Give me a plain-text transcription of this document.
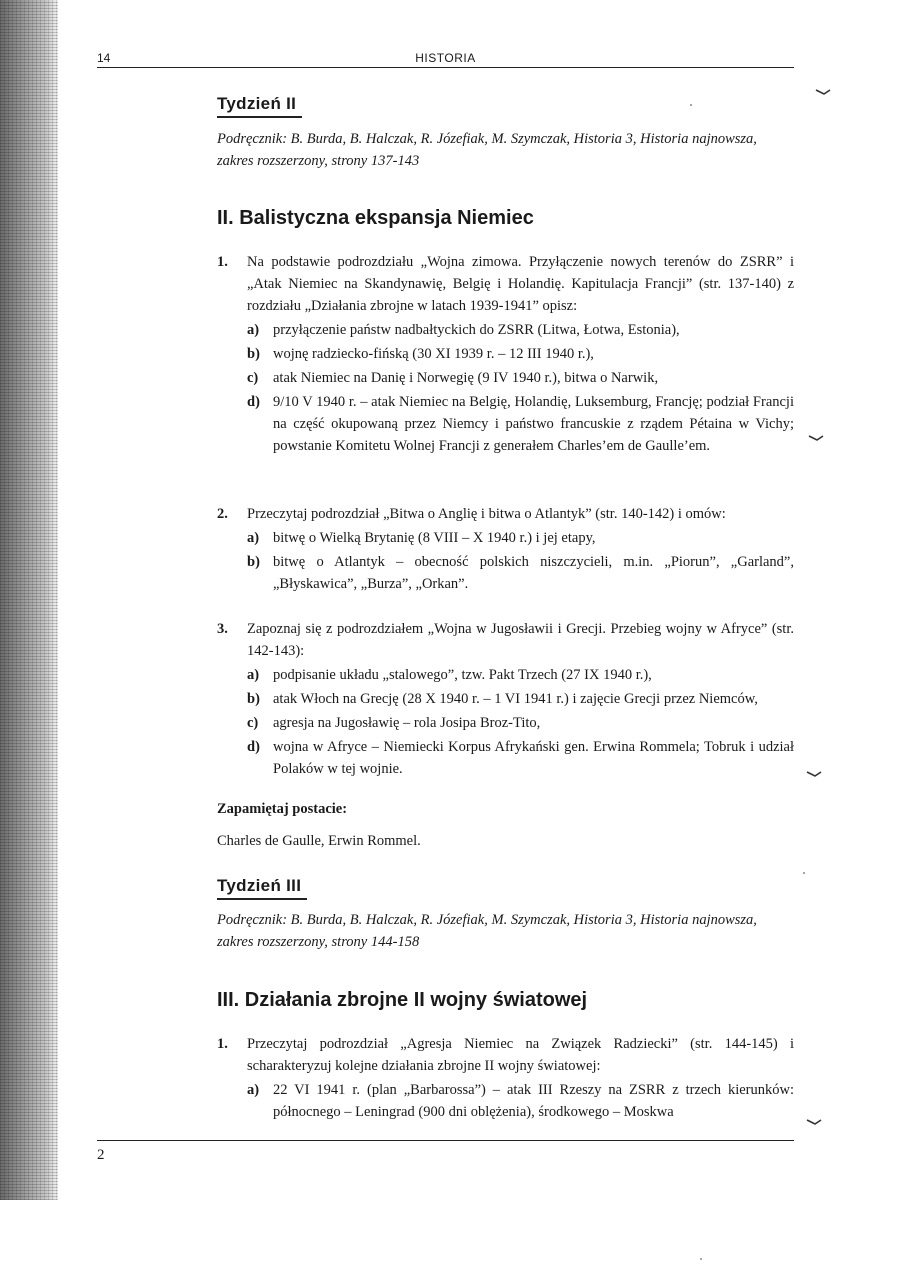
14	HISTORIA
Tydzień II
Podręcznik: B. Burda, B. Halczak, R. Józefiak, M. Szymczak, Historia 3, Historia najnowsza, zakres rozszerzony, strony 137-143
II. Balistyczna ekspansja Niemiec
1. Na podstawie podrozdziału „Wojna zimowa. Przyłączenie nowych terenów do ZSRR” i „Atak Niemiec na Skandynawię, Belgię i Holandię. Kapitulacja Francji” (str. 137-140) z rozdziału „Działania zbrojne w latach 1939-1941” opisz:
a) przyłączenie państw nadbałtyckich do ZSRR (Litwa, Łotwa, Estonia),
b) wojnę radziecko-fińską (30 XI 1939 r. – 12 III 1940 r.),
c) atak Niemiec na Danię i Norwegię (9 IV 1940 r.), bitwa o Narwik,
d) 9/10 V 1940 r. – atak Niemiec na Belgię, Holandię, Luksemburg, Francję; podział Francji na część okupowaną przez Niemcy i państwo francuskie z rządem Pétaina w Vichy; powstanie Komitetu Wolnej Francji z generałem Charles’em de Gaulle’em.
2. Przeczytaj podrozdział „Bitwa o Anglię i bitwa o Atlantyk” (str. 140-142) i omów:
a) bitwę o Wielką Brytanię (8 VIII – X 1940 r.) i jej etapy,
b) bitwę o Atlantyk – obecność polskich niszczycieli, m.in. „Piorun”, „Garland”, „Błyskawica”, „Burza”, „Orkan”.
3. Zapoznaj się z podrozdziałem „Wojna w Jugosławii i Grecji. Przebieg wojny w Afryce” (str. 142-143):
a) podpisanie układu „stalowego”, tzw. Pakt Trzech (27 IX 1940 r.),
b) atak Włoch na Grecję (28 X 1940 r. – 1 VI 1941 r.) i zajęcie Grecji przez Niemców,
c) agresja na Jugosławię – rola Josipa Broz-Tito,
d) wojna w Afryce – Niemiecki Korpus Afrykański gen. Erwina Rommela; Tobruk i udział Polaków w tej wojnie.
Zapamiętaj postacie:
Charles de Gaulle, Erwin Rommel.
Tydzień III
Podręcznik: B. Burda, B. Halczak, R. Józefiak, M. Szymczak, Historia 3, Historia najnowsza, zakres rozszerzony, strony 144-158
III. Działania zbrojne II wojny światowej
1. Przeczytaj podrozdział „Agresja Niemiec na Związek Radziecki” (str. 144-145) i scharakteryzuj kolejne działania zbrojne II wojny światowej:
a) 22 VI 1941 r. (plan „Barbarossa”) – atak III Rzeszy na ZSRR z trzech kierunków: północnego – Leningrad (900 dni oblężenia), środkowego – Moskwa
2
